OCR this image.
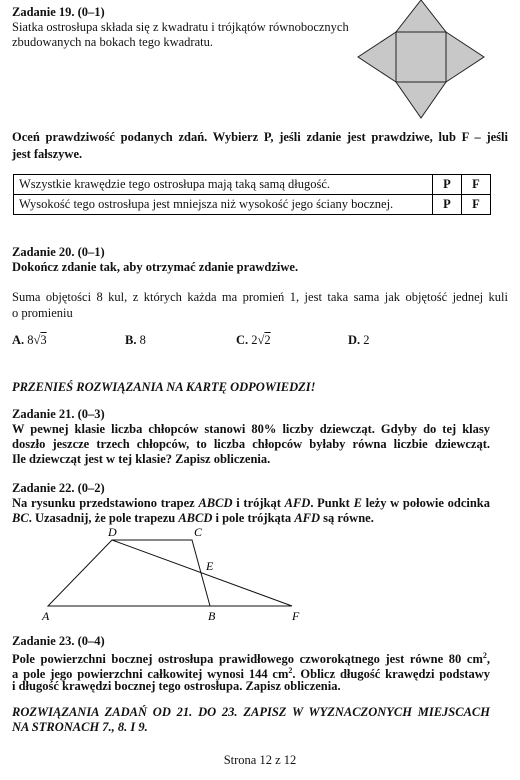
Zadanie 19. (0–1)
Siatka ostrosłupa składa się z kwadratu i trójkątów równobocznych
zbudowanych na bokach tego kwadratu.
Oceń prawdziwość podanych zdań. Wybierz P, jeśli zdanie jest prawdziwe, lub F – jeśli
jest fałszywe.
Wszystkie krawędzie tego ostrosłupa mają taką samą długość.	P	F
Wysokość tego ostrosłupa jest mniejsza niż wysokość jego ściany bocznej.	P	F
Zadanie 20. (0–1)
Dokończ zdanie tak, aby otrzymać zdanie prawdziwe.
Suma objętości 8 kul, z których każda ma promień 1, jest taka sama jak objętość jednej kuli
o promieniu
A. 8√3	B. 8	C. 2√2	D. 2
PRZENIEŚ ROZWIĄZANIA NA KARTĘ ODPOWIEDZI!
Zadanie 21. (0–3)
W pewnej klasie liczba chłopców stanowi 80% liczby dziewcząt. Gdyby do tej klasy
doszło jeszcze trzech chłopców, to liczba chłopców byłaby równa liczbie dziewcząt.
Ile dziewcząt jest w tej klasie? Zapisz obliczenia.
Zadanie 22. (0–2)
Na rysunku przedstawiono trapez ABCD i trójkąt AFD. Punkt E leży w połowie odcinka
BC. Uzasadnij, że pole trapezu ABCD i pole trójkąta AFD są równe.
A	B
C
D
E
F
Zadanie 23. (0–4)
Pole powierzchni bocznej ostrosłupa prawidłowego czworokątnego jest równe 80 $cm^2$,
a pole jego powierzchni całkowitej wynosi 144 $cm^2$. Oblicz długość krawędzi podstawy
i długość krawędzi bocznej tego ostrosłupa. Zapisz obliczenia.
ROZWIĄZANIA ZADAŃ OD 21. DO 23. ZAPISZ W WYZNACZONYCH MIEJSCACH
NA STRONACH 7., 8. I 9.
Strona 12 z 12
